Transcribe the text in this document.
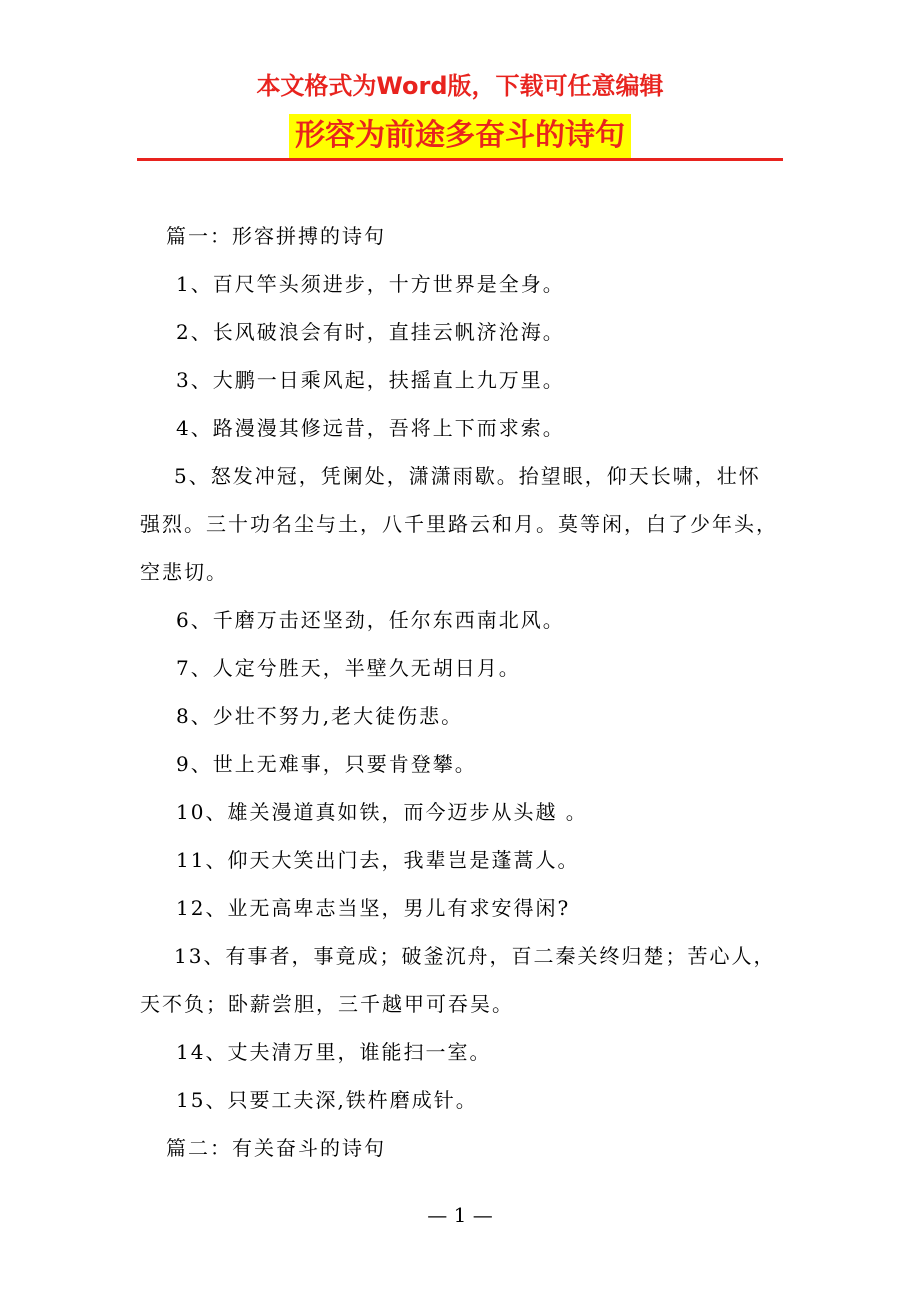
本文格式为Word版，下载可任意编辑
形容为前途多奋斗的诗句

篇一：形容拼搏的诗句

1、百尺竿头须进步，十方世界是全身。

2、长风破浪会有时，直挂云帆济沧海。

3、大鹏一日乘风起，扶摇直上九万里。

4、路漫漫其修远昔，吾将上下而求索。

5、怒发冲冠，凭阑处，潇潇雨歇。抬望眼，仰天长啸，壮怀强烈。三十功名尘与土，八千里路云和月。莫等闲，白了少年头，空悲切。

6、千磨万击还坚劲，任尔东西南北风。

7、人定兮胜天，半壁久无胡日月。

8、少壮不努力,老大徒伤悲。

9、世上无难事，只要肯登攀。

10、雄关漫道真如铁，而今迈步从头越 。

11、仰天大笑出门去，我辈岂是蓬蒿人。

12、业无高卑志当坚，男儿有求安得闲?

13、有事者，事竟成；破釜沉舟，百二秦关终归楚；苦心人，天不负；卧薪尝胆，三千越甲可吞吴。

14、丈夫清万里，谁能扫一室。

15、只要工夫深,铁杵磨成针。

篇二：有关奋斗的诗句

— 1 —
